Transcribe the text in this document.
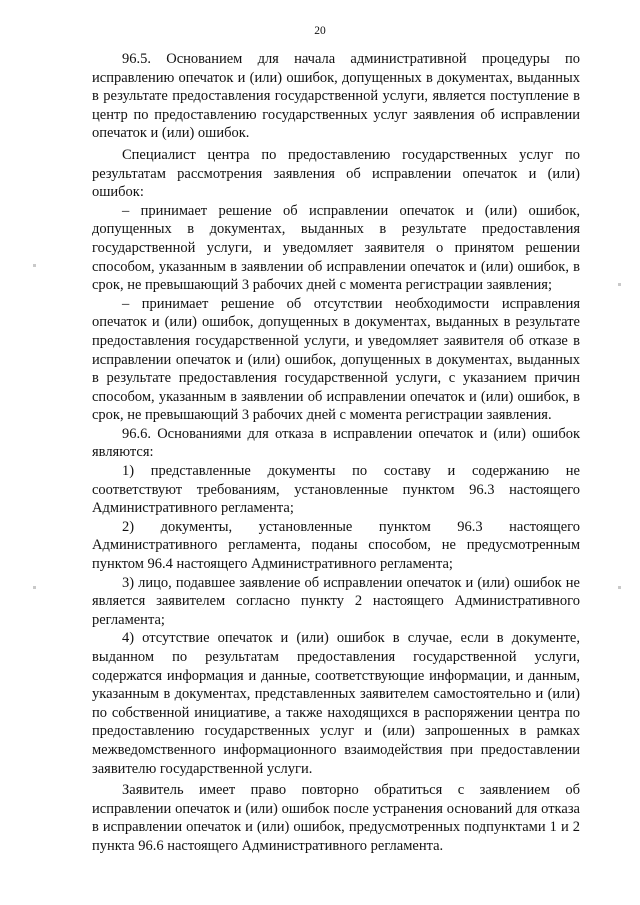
20

96.5. Основанием для начала административной процедуры по исправлению опечаток и (или) ошибок, допущенных в документах, выданных в результате предоставления государственной услуги, является поступление в центр по предоставлению государственных услуг заявления об исправлении опечаток и (или) ошибок.

Специалист центра по предоставлению государственных услуг по результатам рассмотрения заявления об исправлении опечаток и (или) ошибок:

– принимает решение об исправлении опечаток и (или) ошибок, допущенных в документах, выданных в результате предоставления государственной услуги, и уведомляет заявителя о принятом решении способом, указанным в заявлении об исправлении опечаток и (или) ошибок, в срок, не превышающий 3 рабочих дней с момента регистрации заявления;

– принимает решение об отсутствии необходимости исправления опечаток и (или) ошибок, допущенных в документах, выданных в результате предоставления государственной услуги, и уведомляет заявителя об отказе в исправлении опечаток и (или) ошибок, допущенных в документах, выданных в результате предоставления государственной услуги, с указанием причин способом, указанным в заявлении об исправлении опечаток и (или) ошибок, в срок, не превышающий 3 рабочих дней с момента регистрации заявления.

96.6. Основаниями для отказа в исправлении опечаток и (или) ошибок являются:

1) представленные документы по составу и содержанию не соответствуют требованиям, установленные пунктом 96.3 настоящего Административного регламента;

2) документы, установленные пунктом 96.3 настоящего Административного регламента, поданы способом, не предусмотренным пунктом 96.4 настоящего Административного регламента;

3) лицо, подавшее заявление об исправлении опечаток и (или) ошибок не является заявителем согласно пункту 2 настоящего Административного регламента;

4) отсутствие опечаток и (или) ошибок в случае, если в документе, выданном по результатам предоставления государственной услуги, содержатся информация и данные, соответствующие информации, и данным, указанным в документах, представленных заявителем самостоятельно и (или) по собственной инициативе, а также находящихся в распоряжении центра по предоставлению государственных услуг и (или) запрошенных в рамках межведомственного информационного взаимодействия при предоставлении заявителю государственной услуги.

Заявитель имеет право повторно обратиться с заявлением об исправлении опечаток и (или) ошибок после устранения оснований для отказа в исправлении опечаток и (или) ошибок, предусмотренных подпунктами 1 и 2 пункта 96.6 настоящего Административного регламента.
